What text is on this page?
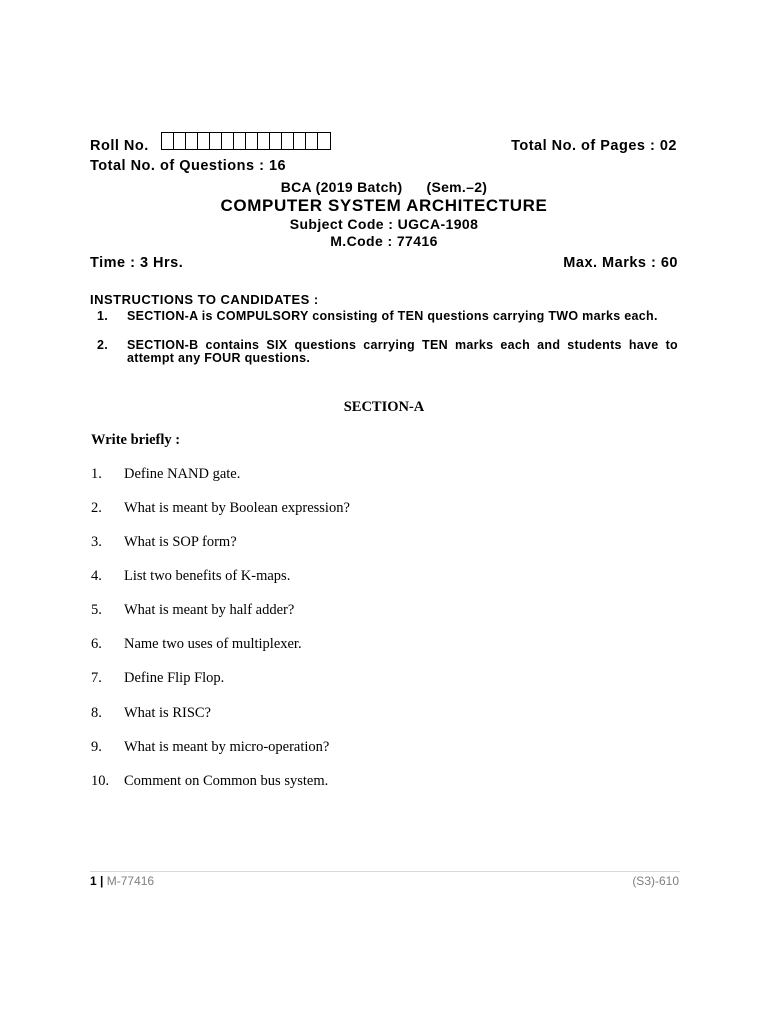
Roll No.	Total No. of Pages : 02
Total No. of Questions : 16
BCA (2019 Batch) (Sem.–2)
COMPUTER SYSTEM ARCHITECTURE
Subject Code : UGCA-1908
M.Code : 77416
Time : 3 Hrs.	Max. Marks : 60
INSTRUCTIONS TO CANDIDATES :
1. SECTION-A is COMPULSORY consisting of TEN questions carrying TWO marks each.
2. SECTION-B contains SIX questions carrying TEN marks each and students have to attempt any FOUR questions.
SECTION-A
Write briefly :
1. Define NAND gate.
2. What is meant by Boolean expression?
3. What is SOP form?
4. List two benefits of K-maps.
5. What is meant by half adder?
6. Name two uses of multiplexer.
7. Define Flip Flop.
8. What is RISC?
9. What is meant by micro-operation?
10. Comment on Common bus system.
1 | M-77416	(S3)-610
